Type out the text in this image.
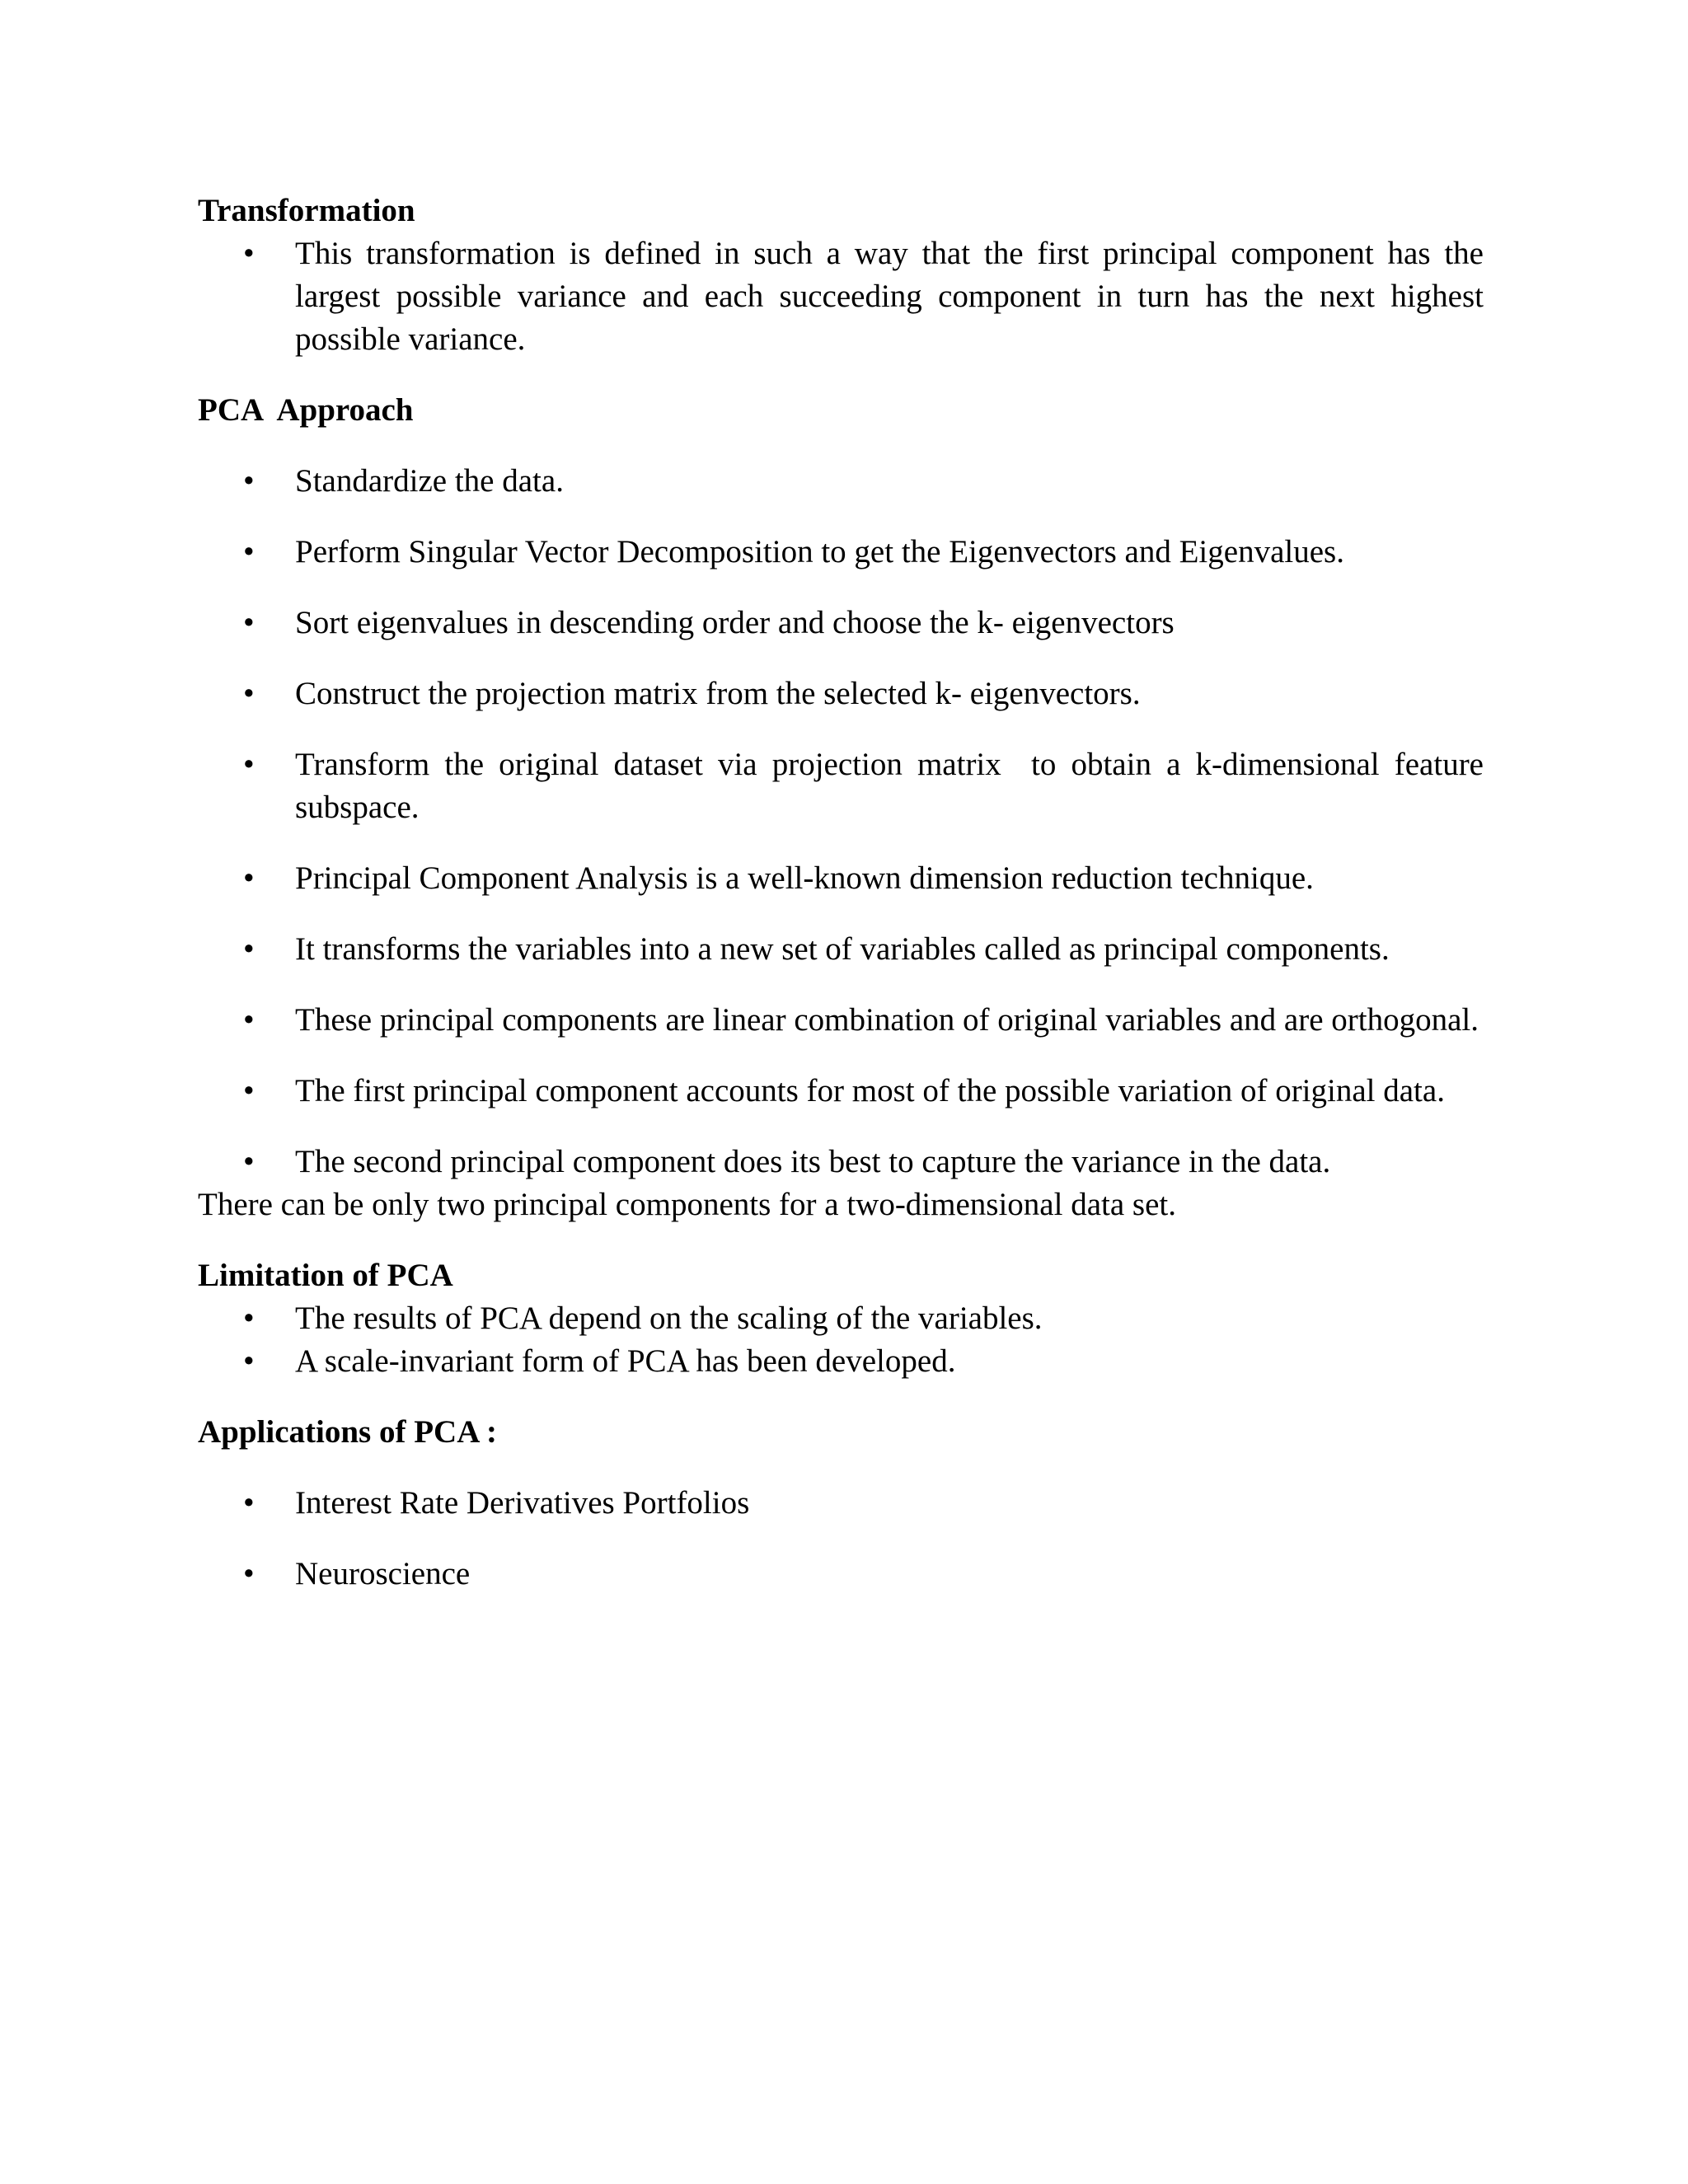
Transformation

• This transformation is defined in such a way that the first principal component has the largest possible variance and each succeeding component in turn has the next highest possible variance.

PCA  Approach

• Standardize the data.
• Perform Singular Vector Decomposition to get the Eigenvectors and Eigenvalues.
• Sort eigenvalues in descending order and choose the k- eigenvectors
• Construct the projection matrix from the selected k- eigenvectors.
• Transform the original dataset via projection matrix  to obtain a k-dimensional feature subspace.
• Principal Component Analysis is a well-known dimension reduction technique.
• It transforms the variables into a new set of variables called as principal components.
• These principal components are linear combination of original variables and are orthogonal.
• The first principal component accounts for most of the possible variation of original data.
• The second principal component does its best to capture the variance in the data.

There can be only two principal components for a two-dimensional data set.

Limitation of PCA

• The results of PCA depend on the scaling of the variables.
• A scale-invariant form of PCA has been developed.

Applications of PCA :

• Interest Rate Derivatives Portfolios
• Neuroscience
